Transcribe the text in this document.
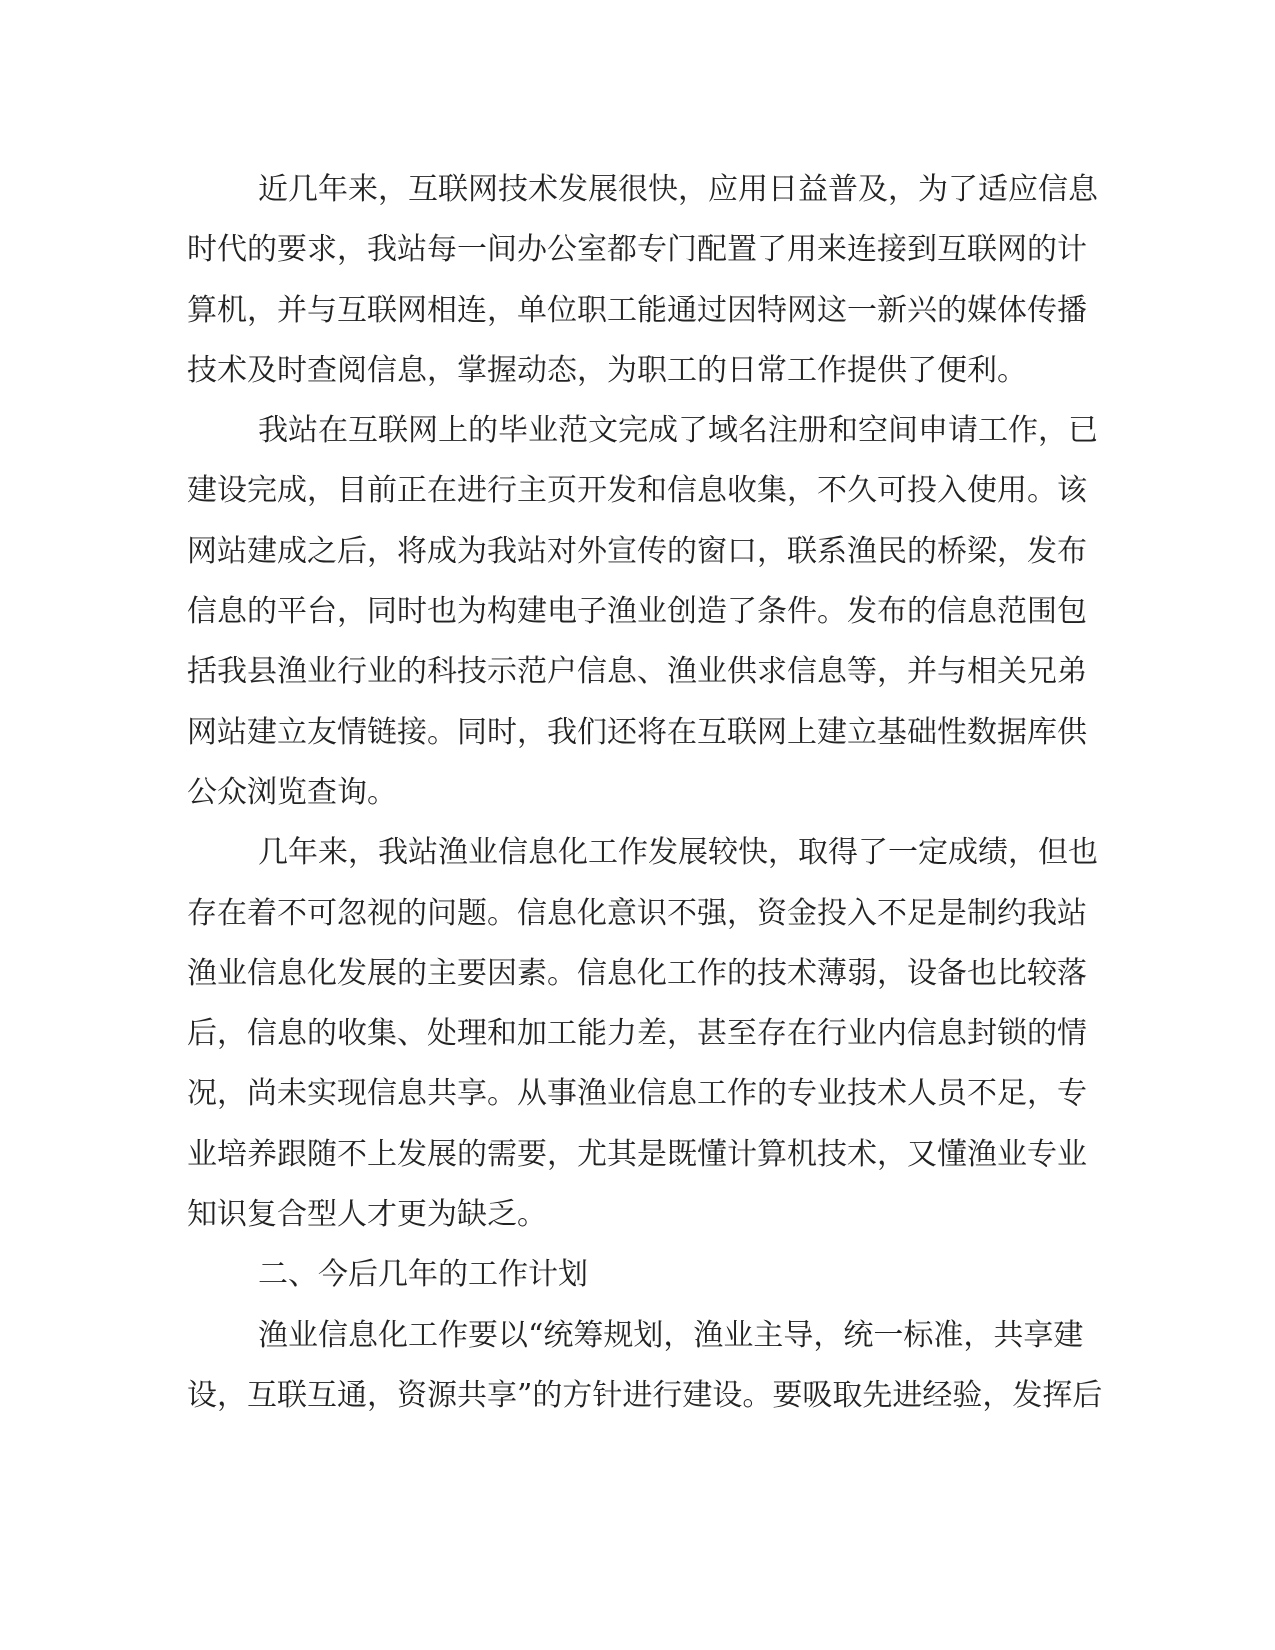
近几年来，互联网技术发展很快，应用日益普及，为了适应信息
时代的要求，我站每一间办公室都专门配置了用来连接到互联网的计
算机，并与互联网相连，单位职工能通过因特网这一新兴的媒体传播
技术及时查阅信息，掌握动态，为职工的日常工作提供了便利。
我站在互联网上的毕业范文完成了域名注册和空间申请工作，已
建设完成，目前正在进行主页开发和信息收集，不久可投入使用。该
网站建成之后，将成为我站对外宣传的窗口，联系渔民的桥梁，发布
信息的平台，同时也为构建电子渔业创造了条件。发布的信息范围包
括我县渔业行业的科技示范户信息、渔业供求信息等，并与相关兄弟
网站建立友情链接。同时，我们还将在互联网上建立基础性数据库供
公众浏览查询。
几年来，我站渔业信息化工作发展较快，取得了一定成绩，但也
存在着不可忽视的问题。信息化意识不强，资金投入不足是制约我站
渔业信息化发展的主要因素。信息化工作的技术薄弱，设备也比较落
后，信息的收集、处理和加工能力差，甚至存在行业内信息封锁的情
况，尚未实现信息共享。从事渔业信息工作的专业技术人员不足，专
业培养跟随不上发展的需要，尤其是既懂计算机技术，又懂渔业专业
知识复合型人才更为缺乏。
二、今后几年的工作计划
渔业信息化工作要以“统筹规划，渔业主导，统一标准，共享建
设，互联互通，资源共享”的方针进行建设。要吸取先进经验，发挥后
